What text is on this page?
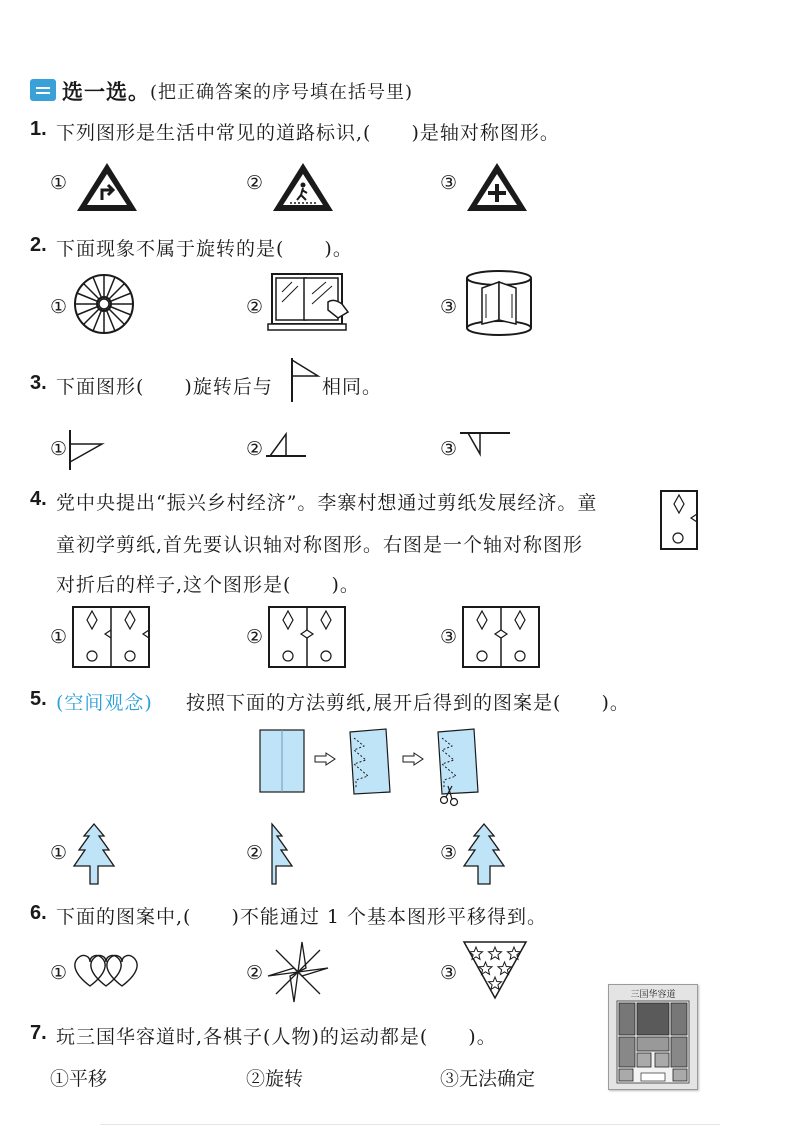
选一选。 (把正确答案的序号填在括号里)
1. 下列图形是生活中常见的道路标识,(　　)是轴对称图形。
①	②	③
2. 下面现象不属于旋转的是(　　)。
①	②	③
3. 下面图形(　　)旋转后与	相同。
①	②	③
4. 党中央提出“振兴乡村经济”。李寨村想通过剪纸发展经济。童
童初学剪纸,首先要认识轴对称图形。右图是一个轴对称图形
对折后的样子,这个图形是(　　)。
①	②	③
5. (空间观念) 按照下面的方法剪纸,展开后得到的图案是(　　)。
①	②	③
6. 下面的图案中,(　　)不能通过 1 个基本图形平移得到。
①	②	③
7. 玩三国华容道时,各棋子(人物)的运动都是(　　)。
①平移	②旋转	③无法确定
三国华容道
